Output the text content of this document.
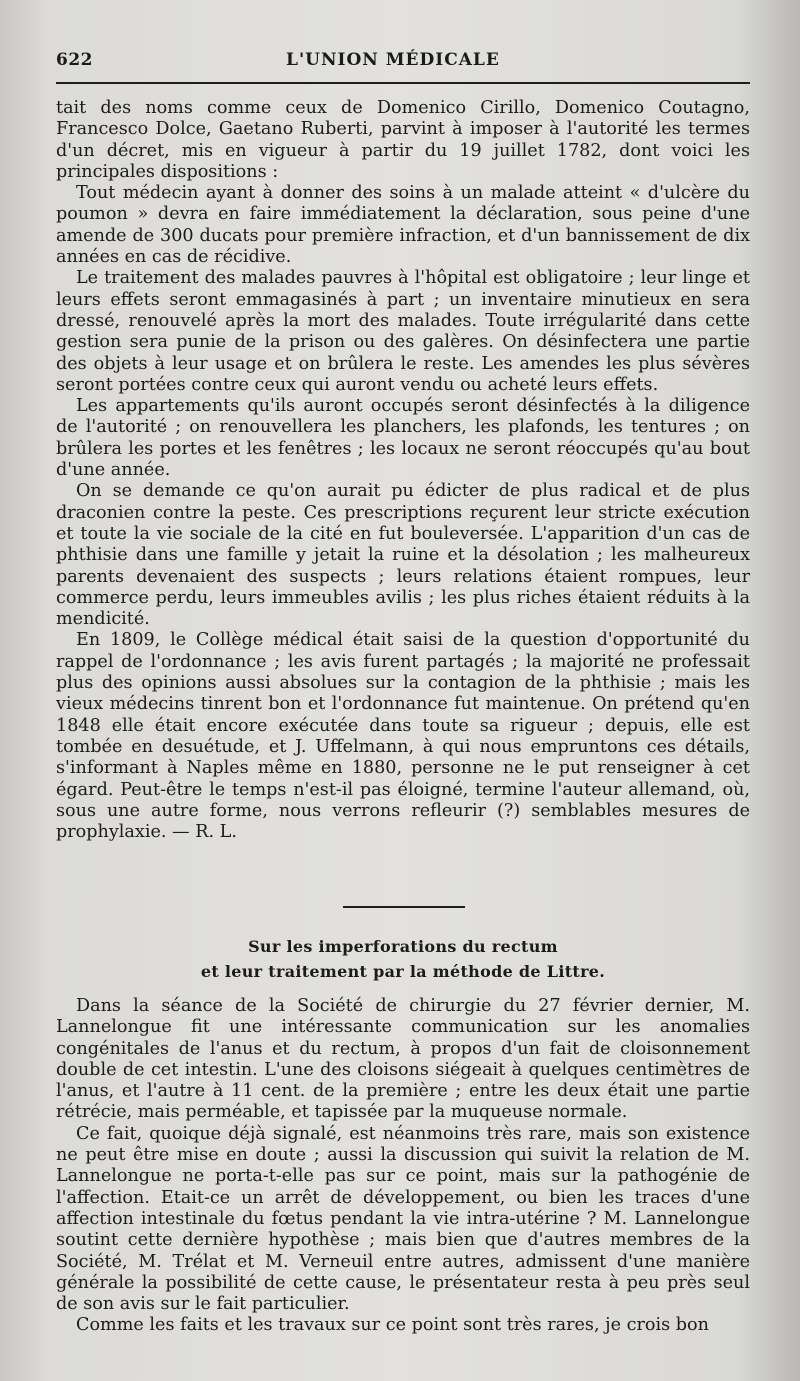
622	L'UNION MÉDICALE

tait des noms comme ceux de Domenico Cirillo, Domenico Coutagno, Francesco Dolce, Gaetano Ruberti, parvint à imposer à l'autorité les termes d'un décret, mis en vigueur à partir du 19 juillet 1782, dont voici les principales dispositions :

Tout médecin ayant à donner des soins à un malade atteint « d'ulcère du poumon » devra en faire immédiatement la déclaration, sous peine d'une amende de 300 ducats pour première infraction, et d'un bannissement de dix années en cas de récidive.

Le traitement des malades pauvres à l'hôpital est obligatoire ; leur linge et leurs effets seront emmagasinés à part ; un inventaire minutieux en sera dressé, renouvelé après la mort des malades. Toute irrégularité dans cette gestion sera punie de la prison ou des galères. On désinfectera une partie des objets à leur usage et on brûlera le reste. Les amendes les plus sévères seront portées contre ceux qui auront vendu ou acheté leurs effets.

Les appartements qu'ils auront occupés seront désinfectés à la diligence de l'autorité ; on renouvellera les planchers, les plafonds, les tentures ; on brûlera les portes et les fenêtres ; les locaux ne seront réoccupés qu'au bout d'une année.

On se demande ce qu'on aurait pu édicter de plus radical et de plus draconien contre la peste. Ces prescriptions reçurent leur stricte exécution et toute la vie sociale de la cité en fut bouleversée. L'apparition d'un cas de phthisie dans une famille y jetait la ruine et la désolation ; les malheureux parents devenaient des suspects ; leurs relations étaient rompues, leur commerce perdu, leurs immeubles avilis ; les plus riches étaient réduits à la mendicité.

En 1809, le Collège médical était saisi de la question d'opportunité du rappel de l'ordonnance ; les avis furent partagés ; la majorité ne professait plus des opinions aussi absolues sur la contagion de la phthisie ; mais les vieux médecins tinrent bon et l'ordonnance fut maintenue. On prétend qu'en 1848 elle était encore exécutée dans toute sa rigueur ; depuis, elle est tombée en desuétude, et J. Uffelmann, à qui nous empruntons ces détails, s'informant à Naples même en 1880, personne ne le put renseigner à cet égard. Peut-être le temps n'est-il pas éloigné, termine l'auteur allemand, où, sous une autre forme, nous verrons refleurir (?) semblables mesures de prophylaxie. — R. L.

Sur les imperforations du rectum
et leur traitement par la méthode de Littre.

Dans la séance de la Société de chirurgie du 27 février dernier, M. Lannelongue fit une intéressante communication sur les anomalies congénitales de l'anus et du rectum, à propos d'un fait de cloisonnement double de cet intestin. L'une des cloisons siégeait à quelques centimètres de l'anus, et l'autre à 11 cent. de la première ; entre les deux était une partie rétrécie, mais perméable, et tapissée par la muqueuse normale.

Ce fait, quoique déjà signalé, est néanmoins très rare, mais son existence ne peut être mise en doute ; aussi la discussion qui suivit la relation de M. Lannelongue ne porta-t-elle pas sur ce point, mais sur la pathogénie de l'affection. Etait-ce un arrêt de développement, ou bien les traces d'une affection intestinale du fœtus pendant la vie intra-utérine ? M. Lannelongue soutint cette dernière hypothèse ; mais bien que d'autres membres de la Société, M. Trélat et M. Verneuil entre autres, admissent d'une manière générale la possibilité de cette cause, le présentateur resta à peu près seul de son avis sur le fait particulier.

Comme les faits et les travaux sur ce point sont très rares, je crois bon
